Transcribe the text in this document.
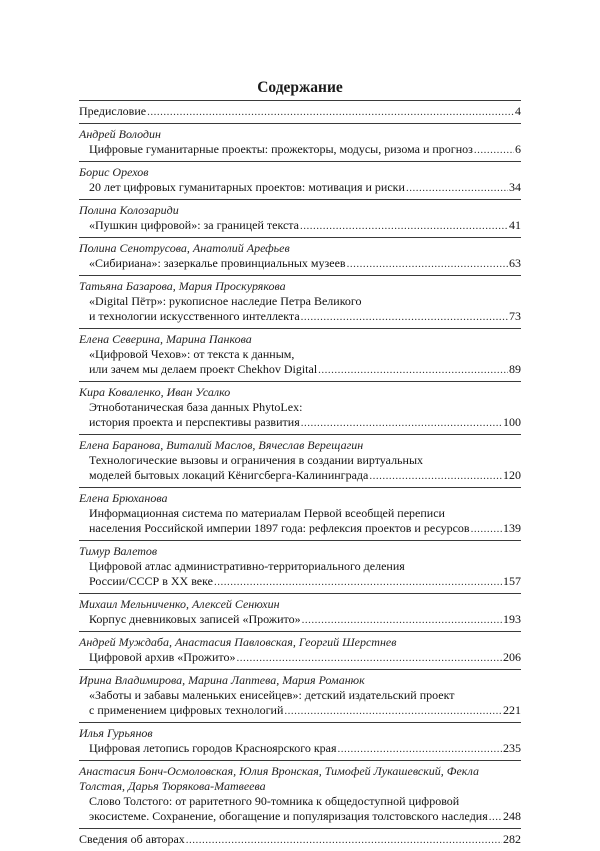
Содержание
Предисловие .....	4
Андрей Володин
Цифровые гуманитарные проекты: прожекторы, модусы, ризома и прогноз .....	6
Борис Орехов
20 лет цифровых гуманитарных проектов: мотивация и риски .....	34
Полина Колозариди
«Пушкин цифровой»: за границей текста .....	41
Полина Сенотрусова, Анатолий Арефьев
«Сибириана»: зазеркалье провинциальных музеев .....	63
Татьяна Базарова, Мария Проскурякова
«Digital Пётр»: рукописное наследие Петра Великого
и технологии искусственного интеллекта .....	73
Елена Северина, Марина Панкова
«Цифровой Чехов»: от текста к данным,
или зачем мы делаем проект Chekhov Digital .....	89
Кира Коваленко, Иван Усалко
Этноботаническая база данных PhytoLex:
история проекта и перспективы развития .....	100
Елена Баранова, Виталий Маслов, Вячеслав Верещагин
Технологические вызовы и ограничения в создании виртуальных
моделей бытовых локаций Кёнигсберга-Калининграда .....	120
Елена Брюханова
Информационная система по материалам Первой всеобщей переписи
населения Российской империи 1897 года: рефлексия проектов и ресурсов .....	139
Тимур Валетов
Цифровой атлас административно-территориального деления
России/СССР в XX веке .....	157
Михаил Мельниченко, Алексей Сенюхин
Корпус дневниковых записей «Прожито» .....	193
Андрей Муждаба, Анастасия Павловская, Георгий Шерстнев
Цифровой архив «Прожито» .....	206
Ирина Владимирова, Марина Лаптева, Мария Романюк
«Заботы и забавы маленьких енисейцев»: детский издательский проект
с применением цифровых технологий .....	221
Илья Гурьянов
Цифровая летопись городов Красноярского края .....	235
Анастасия Бонч-Осмоловская, Юлия Вронская, Тимофей Лукашевский, Фекла Толстая, Дарья Тюрякова-Матвеева
Слово Толстого: от раритетного 90-томника к общедоступной цифровой
экосистеме. Сохранение, обогащение и популяризация толстовского наследия ..... 248
Сведения об авторах .....	282
